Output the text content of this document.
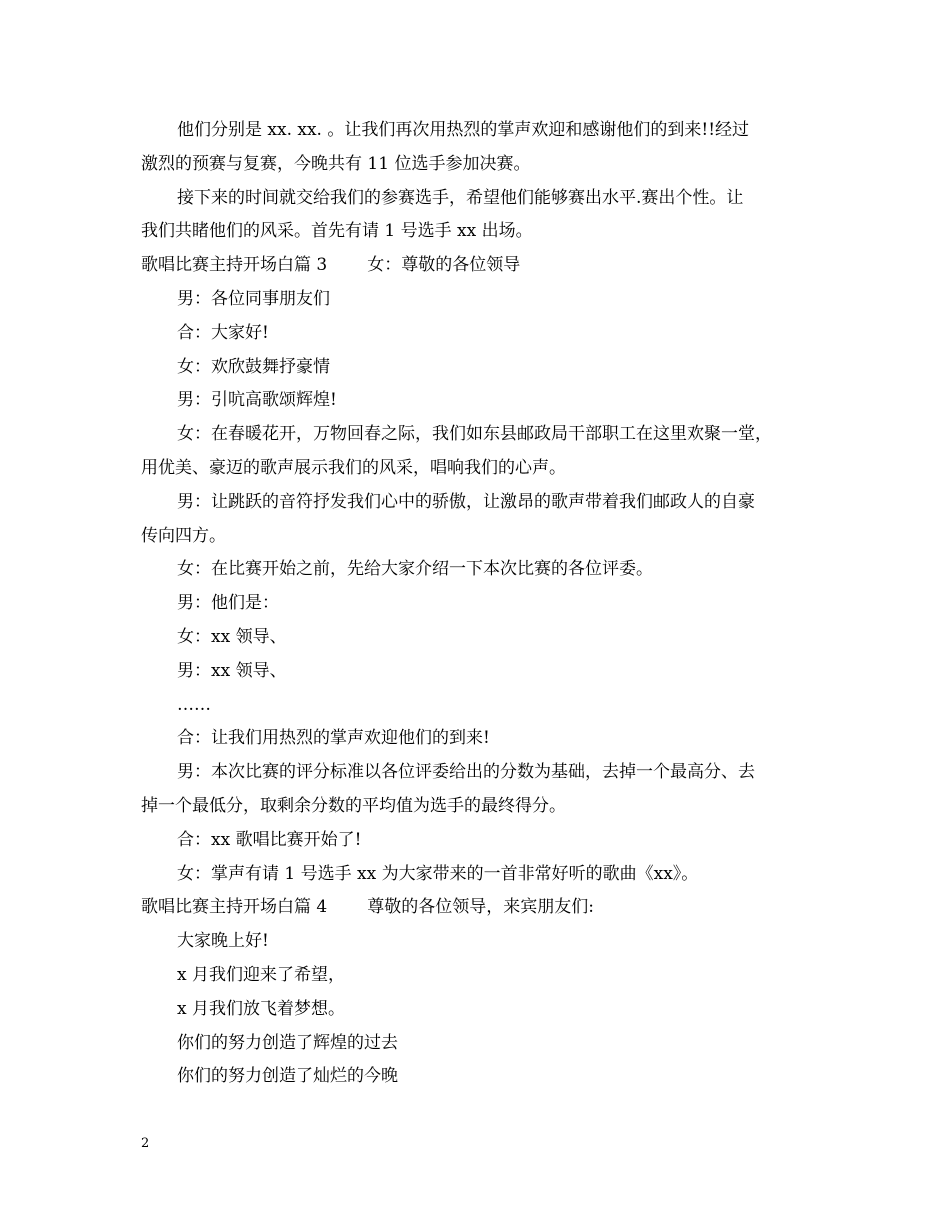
他们分别是 xx. xx. 。让我们再次用热烈的掌声欢迎和感谢他们的到来!!经过
激烈的预赛与复赛，今晚共有 11 位选手参加决赛。
接下来的时间就交给我们的参赛选手，希望他们能够赛出水平.赛出个性。让
我们共睹他们的风采。首先有请 1 号选手 xx 出场。
歌唱比赛主持开场白篇 3 女：尊敬的各位领导
男：各位同事朋友们
合：大家好!
女：欢欣鼓舞抒豪情
男：引吭高歌颂辉煌!
女：在春暖花开，万物回春之际，我们如东县邮政局干部职工在这里欢聚一堂，
用优美、豪迈的歌声展示我们的风采，唱响我们的心声。
男：让跳跃的音符抒发我们心中的骄傲，让激昂的歌声带着我们邮政人的自豪
传向四方。
女：在比赛开始之前，先给大家介绍一下本次比赛的各位评委。
男：他们是：
女：xx 领导、
男：xx 领导、
……
合：让我们用热烈的掌声欢迎他们的到来!
男：本次比赛的评分标准以各位评委给出的分数为基础，去掉一个最高分、去
掉一个最低分，取剩余分数的平均值为选手的最终得分。
合：xx 歌唱比赛开始了!
女：掌声有请 1 号选手 xx 为大家带来的一首非常好听的歌曲《xx》。
歌唱比赛主持开场白篇 4 尊敬的各位领导，来宾朋友们:
大家晚上好!
x 月我们迎来了希望，
x 月我们放飞着梦想。
你们的努力创造了辉煌的过去
你们的努力创造了灿烂的今晚
2
